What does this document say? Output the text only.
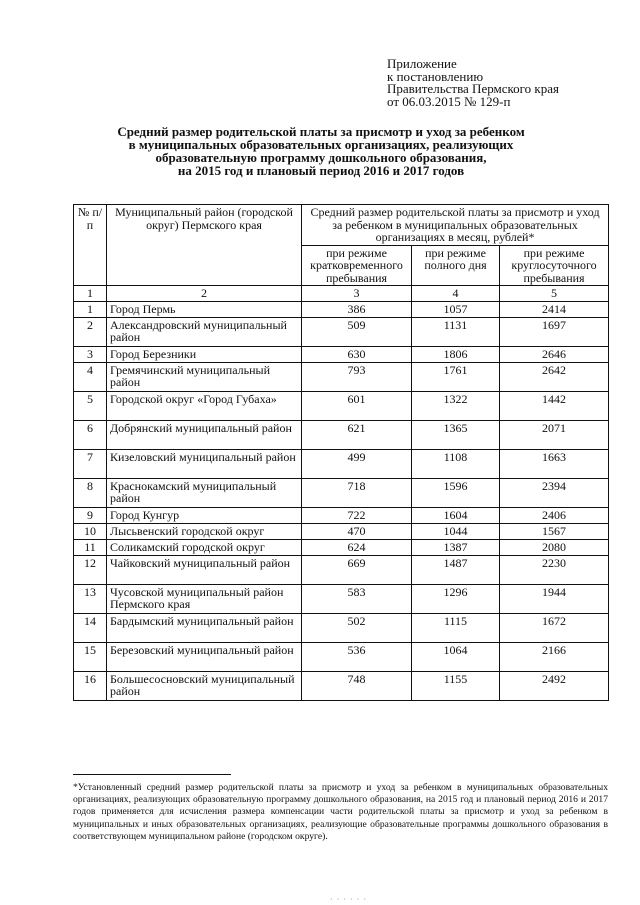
Приложение
к постановлению
Правительства Пермского края
от 06.03.2015 № 129-п
Средний размер родительской платы за присмотр и уход за ребенком
в муниципальных образовательных организациях, реализующих
образовательную программу дошкольного образования,
на 2015 год и плановый период 2016 и 2017 годов
№ п/п	Муниципальный район (городской округ) Пермского края	Средний размер родительской платы за присмотр и уход за ребенком в муниципальных образовательных организациях в месяц, рублей*		
		при режиме кратковременного пребывания	при режиме полного дня	при режиме круглосуточного пребывания
1	2	3	4	5
1	Город Пермь	386	1057	2414
2	Александровский муниципальный район	509	1131	1697
3	Город Березники	630	1806	2646
4	Гремячинский муниципальный район	793	1761	2642
5	Городской округ «Город Губаха»	601	1322	1442
6	Добрянский муниципальный район	621	1365	2071
7	Кизеловский муниципальный район	499	1108	1663
8	Краснокамский муниципальный район	718	1596	2394
9	Город Кунгур	722	1604	2406
10	Лысьвенский городской округ	470	1044	1567
11	Соликамский городской округ	624	1387	2080
12	Чайковский муниципальный район	669	1487	2230
13	Чусовской муниципальный район Пермского края	583	1296	1944
14	Бардымский муниципальный район	502	1115	1672
15	Березовский муниципальный район	536	1064	2166
16	Большесосновский муниципальный район	748	1155	2492
*Установленный средний размер родительской платы за присмотр и уход за ребенком в муниципальных образовательных организациях, реализующих образовательную программу дошкольного образования, на 2015 год и плановый период 2016 и 2017 годов применяется для исчисления размера компенсации части родительской платы за присмотр и уход за ребенком в муниципальных и иных образовательных организациях, реализующие образовательные программы дошкольного образования в соответствующем муниципальном районе (городском округе).
· · · · · ·
